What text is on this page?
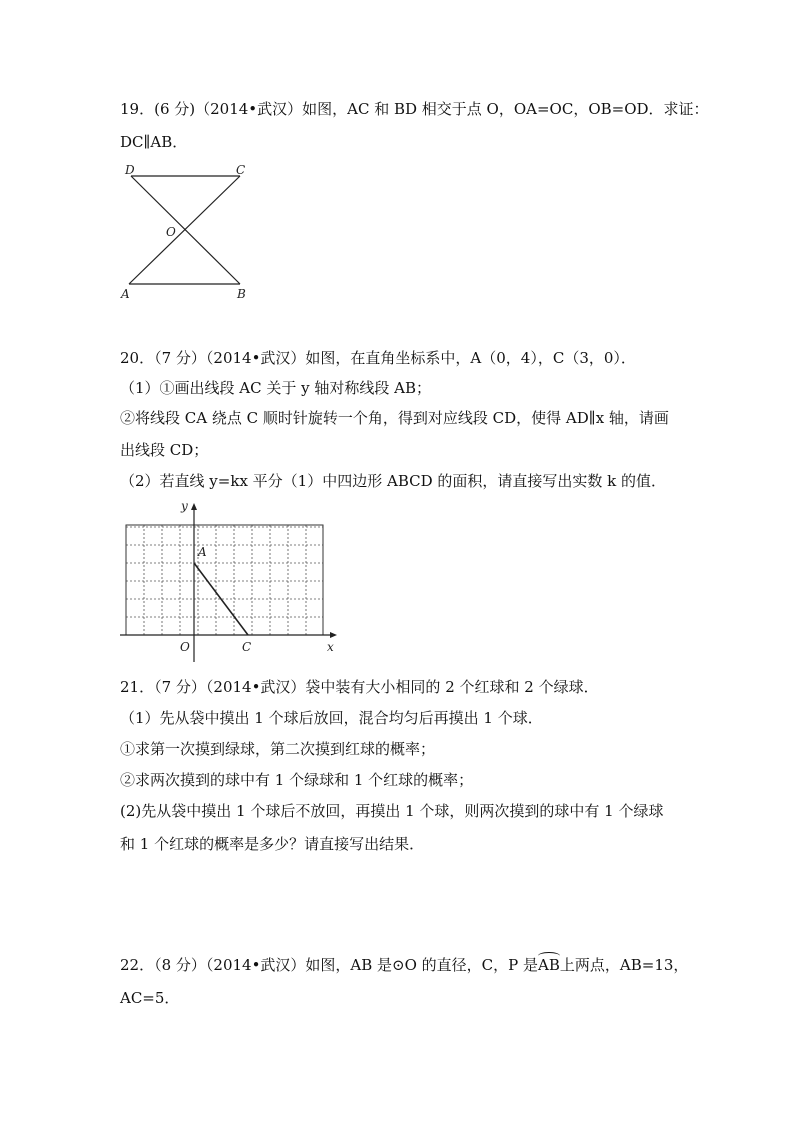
19．(6 分)（2014•武汉）如图，AC 和 BD 相交于点 O，OA=OC，OB=OD．求证：
DC∥AB．
D	C
O
A	B
20．（7 分）（2014•武汉）如图，在直角坐标系中，A（0，4），C（3，0）．
（1）①画出线段 AC 关于 y 轴对称线段 AB；
②将线段 CA 绕点 C 顺时针旋转一个角，得到对应线段 CD，使得 AD∥x 轴，请画
出线段 CD；
（2）若直线 y=kx 平分（1）中四边形 ABCD 的面积，请直接写出实数 k 的值．
y
x
A
O	C
21．（7 分）（2014•武汉）袋中装有大小相同的 2 个红球和 2 个绿球．
（1）先从袋中摸出 1 个球后放回，混合均匀后再摸出 1 个球．
①求第一次摸到绿球，第二次摸到红球的概率；
②求两次摸到的球中有 1 个绿球和 1 个红球的概率；
(2)先从袋中摸出 1 个球后不放回，再摸出 1 个球，则两次摸到的球中有 1 个绿球
和 1 个红球的概率是多少？请直接写出结果．
22．（8 分）（2014•武汉）如图，AB 是⊙O 的直径，C，P 是AB上两点，AB=13，
AC=5．
